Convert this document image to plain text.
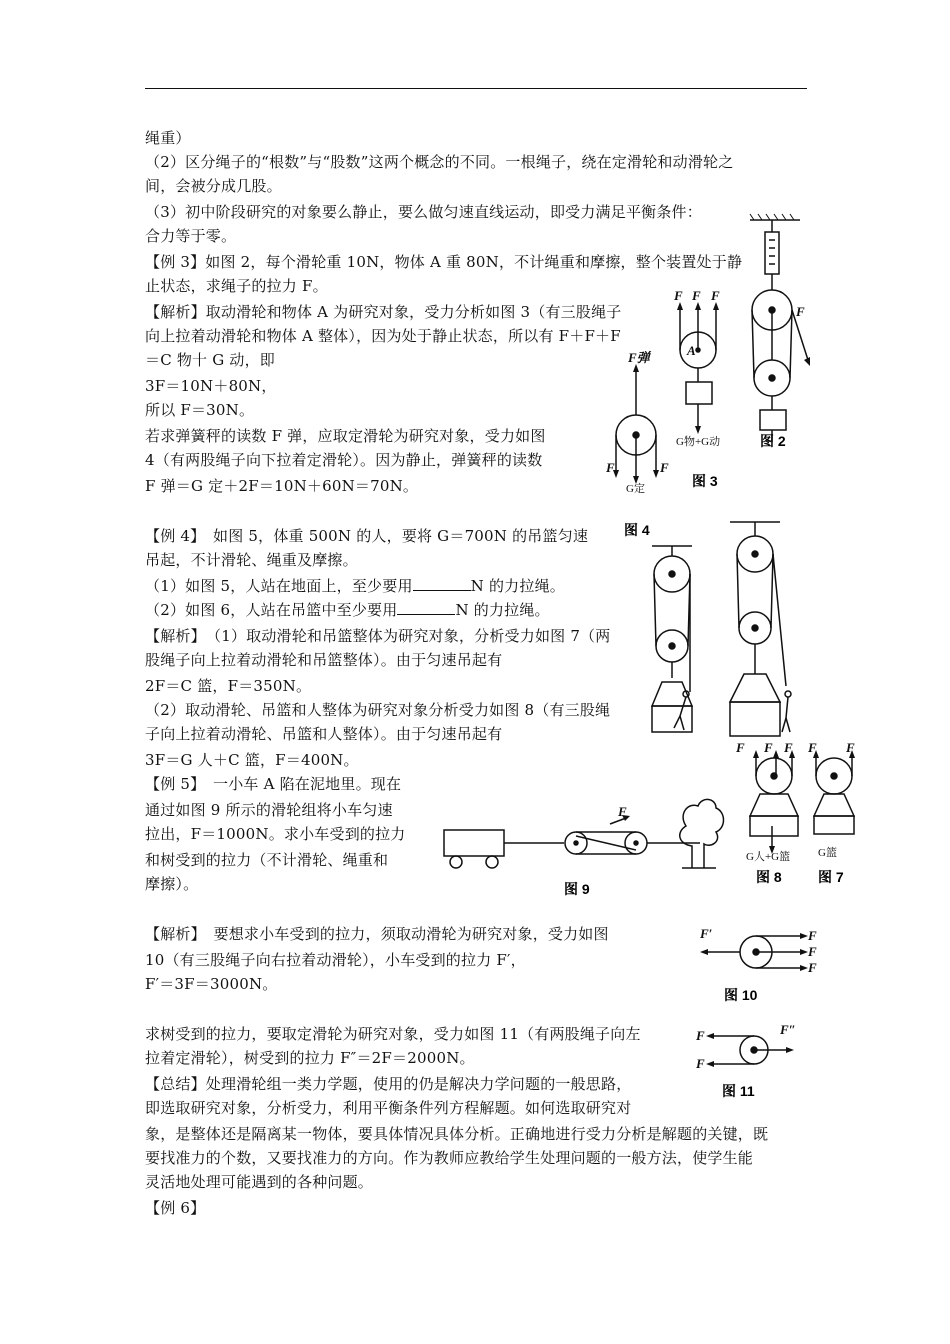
绳重）
（2）区分绳子的“根数”与“股数”这两个概念的不同。一根绳子，绕在定滑轮和动滑轮之
间，会被分成几股。
（3）初中阶段研究的对象要么静止，要么做匀速直线运动，即受力满足平衡条件：
合力等于零。
【例 3】如图 2，每个滑轮重 10N，物体 A 重 80N，不计绳重和摩擦，整个装置处于静
止状态，求绳子的拉力 F。
【解析】取动滑轮和物体 A 为研究对象，受力分析如图 3（有三股绳子
向上拉着动滑轮和物体 A 整体），因为处于静止状态，所以有 F＋F＋F
＝C 物十 G 动，即
3F＝10N＋80N，
所以 F＝30N。
若求弹簧秤的读数 F 弹，应取定滑轮为研究对象，受力如图
4（有两股绳子向下拉着定滑轮）。因为静止，弹簧秤的读数
F 弹＝G 定＋2F＝10N＋60N＝70N。
【例 4】　如图 5，体重 500N 的人，要将 G＝700N 的吊篮匀速
吊起，不计滑轮、绳重及摩擦。
（1）如图 5，人站在地面上，至少要用	N 的力拉绳。
（2）如图 6，人站在吊篮中至少要用	N 的力拉绳。
【解析】　（1）取动滑轮和吊篮整体为研究对象，分析受力如图 7（两
股绳子向上拉着动滑轮和吊篮整体）。由于匀速吊起有
2F＝C 篮，F＝350N。
（2）取动滑轮、吊篮和人整体为研究对象分析受力如图 8（有三股绳
子向上拉着动滑轮、吊篮和人整体）。由于匀速吊起有
3F＝G 人＋C 篮，F＝400N。
【例 5】　一小车 A 陷在泥地里。现在
通过如图 9 所示的滑轮组将小车匀速
拉出，F＝1000N。求小车受到的拉力
和树受到的拉力（不计滑轮、绳重和
摩擦）。
【解析】　要想求小车受到的拉力，须取动滑轮为研究对象，受力如图
10（有三股绳子向右拉着动滑轮），小车受到的拉力 F′，
F′＝3F＝3000N。
求树受到的拉力，要取定滑轮为研究对象，受力如图 11（有两股绳子向左
拉着定滑轮），树受到的拉力 F″＝2F＝2000N。
【总结】处理滑轮组一类力学题，使用的仍是解决力学问题的一般思路，
即选取研究对象，分析受力，利用平衡条件列方程解题。如何选取研究对
象，是整体还是隔离某一物体，要具体情况具体分析。正确地进行受力分析是解题的关键，既
要找准力的个数，又要找准力的方向。作为教师应教给学生处理问题的一般方法，使学生能
灵活地处理可能遇到的各种问题。
【例 6】
F F F
A
F
F弹
F	F
G物+G动
G定
图 2
图 3
图 4
F F F F F
G人+G篮	G篮
图 8	图 7
F
图 9
F′	F
F
F
图 10
F
F
F″
图 11
